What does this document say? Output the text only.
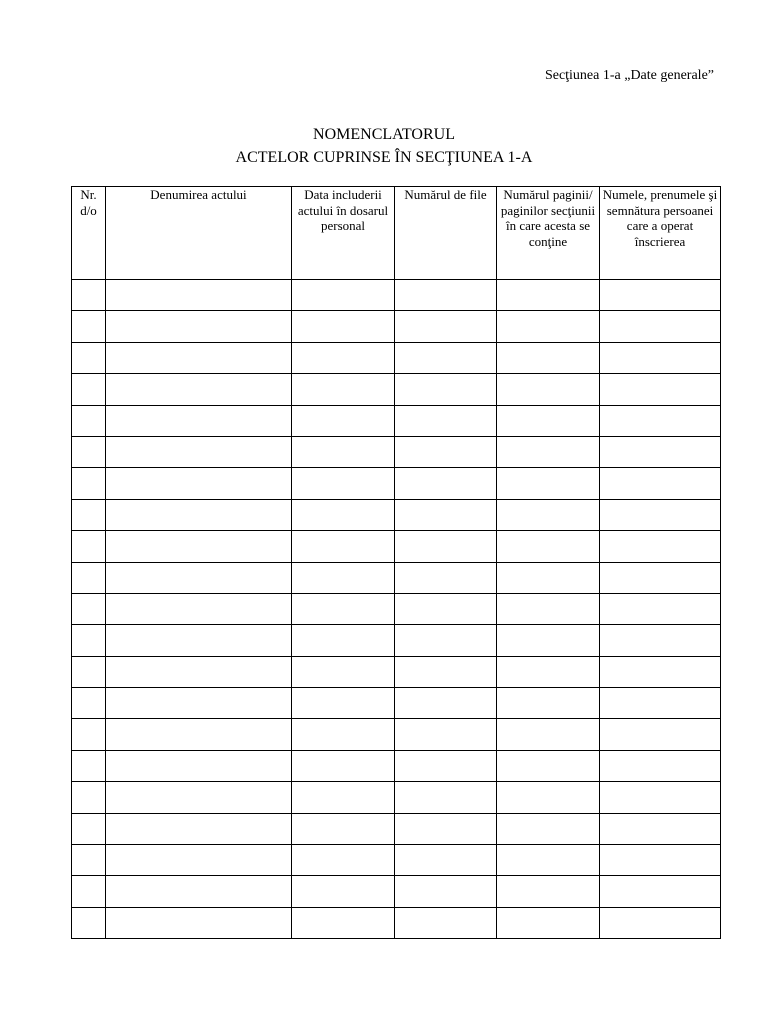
Secţiunea 1-a „Date generale”
NOMENCLATORUL
ACTELOR CUPRINSE ÎN SECŢIUNEA 1-A
Nr. d/o	Denumirea actului	Data includerii actului în dosarul personal	Numărul de file	Numărul paginii/ paginilor secţiunii în care acesta se conţine	Numele, prenumele şi semnătura persoanei care a operat înscrierea
